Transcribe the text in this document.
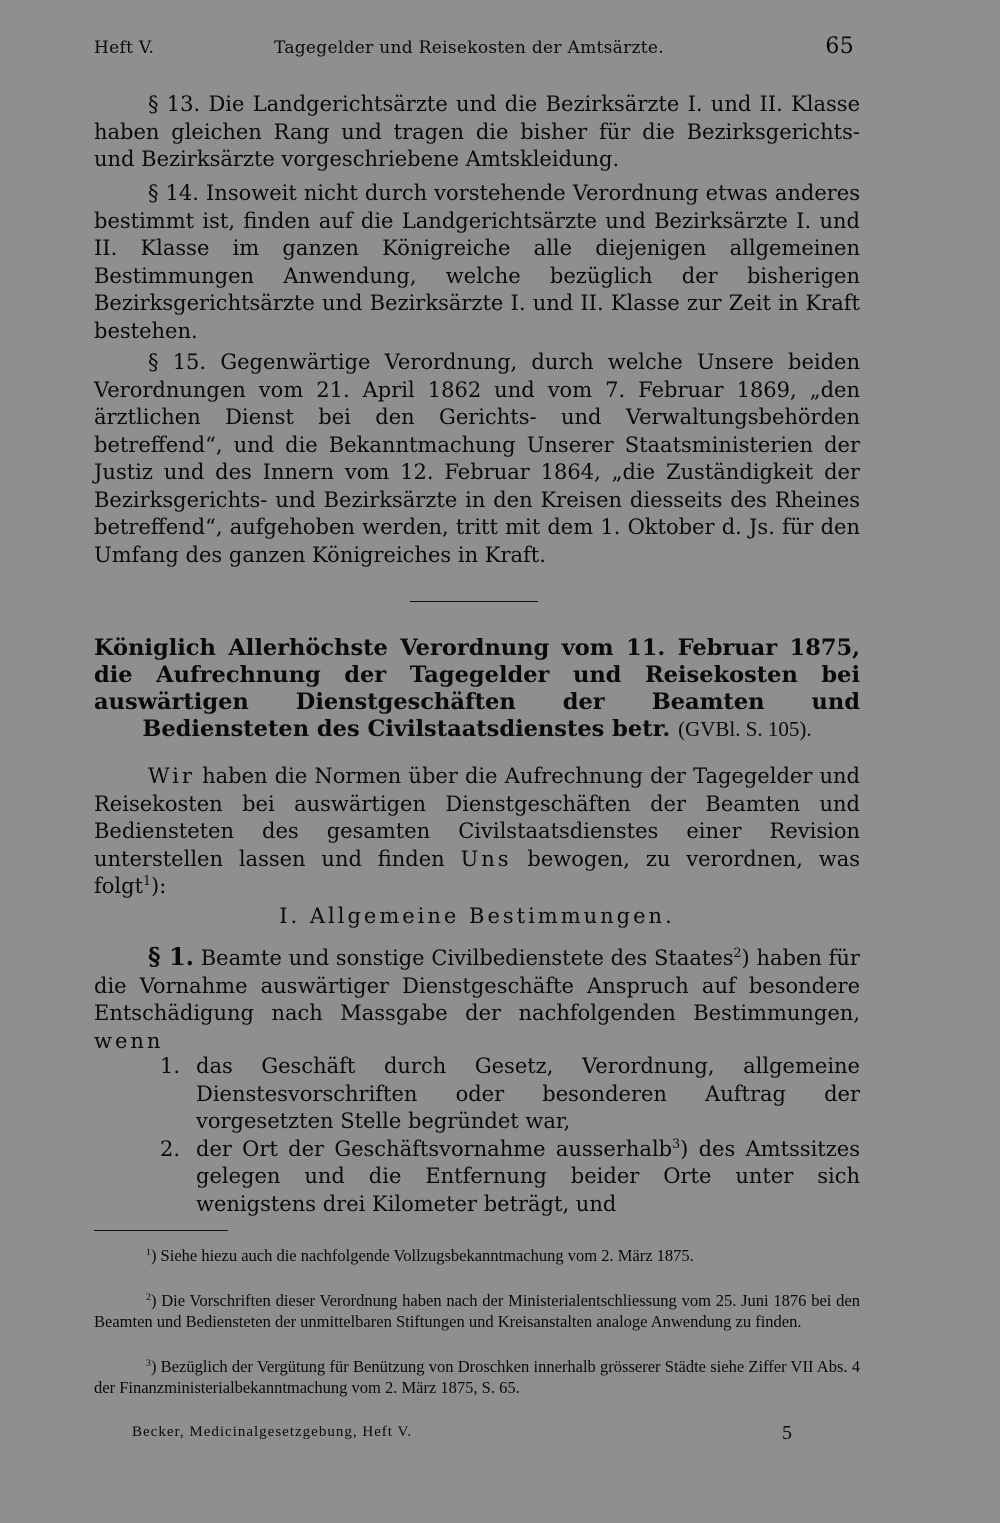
Heft V.	Tagegelder und Reisekosten der Amtsärzte.	65

§ 13. Die Landgerichtsärzte und die Bezirksärzte I. und II. Klasse haben gleichen Rang und tragen die bisher für die Bezirksgerichts- und Bezirksärzte vorgeschriebene Amtskleidung.

§ 14. Insoweit nicht durch vorstehende Verordnung etwas anderes bestimmt ist, finden auf die Landgerichtsärzte und Bezirksärzte I. und II. Klasse im ganzen Königreiche alle diejenigen allgemeinen Bestimmungen Anwendung, welche bezüglich der bisherigen Bezirksgerichtsärzte und Bezirksärzte I. und II. Klasse zur Zeit in Kraft bestehen.

§ 15. Gegenwärtige Verordnung, durch welche Unsere beiden Verordnungen vom 21. April 1862 und vom 7. Februar 1869, „den ärztlichen Dienst bei den Gerichts- und Verwaltungsbehörden betreffend“, und die Bekanntmachung Unserer Staatsministerien der Justiz und des Innern vom 12. Februar 1864, „die Zuständigkeit der Bezirksgerichts- und Bezirksärzte in den Kreisen diesseits des Rheines betreffend“, aufgehoben werden, tritt mit dem 1. Oktober d. Js. für den Umfang des ganzen Königreiches in Kraft.

Königlich Allerhöchste Verordnung vom 11. Februar 1875, die Aufrechnung der Tagegelder und Reisekosten bei auswärtigen Dienstgeschäften der Beamten und Bediensteten des Civilstaatsdienstes betr. (GVBl. S. 105).

Wir haben die Normen über die Aufrechnung der Tagegelder und Reisekosten bei auswärtigen Dienstgeschäften der Beamten und Bediensteten des gesamten Civilstaatsdienstes einer Revision unterstellen lassen und finden Uns bewogen, zu verordnen, was folgt$^1$):

I. Allgemeine Bestimmungen.

§ 1. Beamte und sonstige Civilbedienstete des Staates$^2$) haben für die Vornahme auswärtiger Dienstgeschäfte Anspruch auf besondere Entschädigung nach Massgabe der nachfolgenden Bestimmungen, wenn

1. das Geschäft durch Gesetz, Verordnung, allgemeine Dienstesvorschriften oder besonderen Auftrag der vorgesetzten Stelle begründet war,
2. der Ort der Geschäftsvornahme ausserhalb$^3$) des Amtssitzes gelegen und die Entfernung beider Orte unter sich wenigstens drei Kilometer beträgt, und

$^1$) Siehe hiezu auch die nachfolgende Vollzugsbekanntmachung vom 2. März 1875.

$^2$) Die Vorschriften dieser Verordnung haben nach der Ministerialentschliessung vom 25. Juni 1876 bei den Beamten und Bediensteten der unmittelbaren Stiftungen und Kreisanstalten analoge Anwendung zu finden.

$^3$) Bezüglich der Vergütung für Benützung von Droschken innerhalb grösserer Städte siehe Ziffer VII Abs. 4 der Finanzministerialbekanntmachung vom 2. März 1875, S. 65.

Becker, Medicinalgesetzgebung, Heft V.	5
